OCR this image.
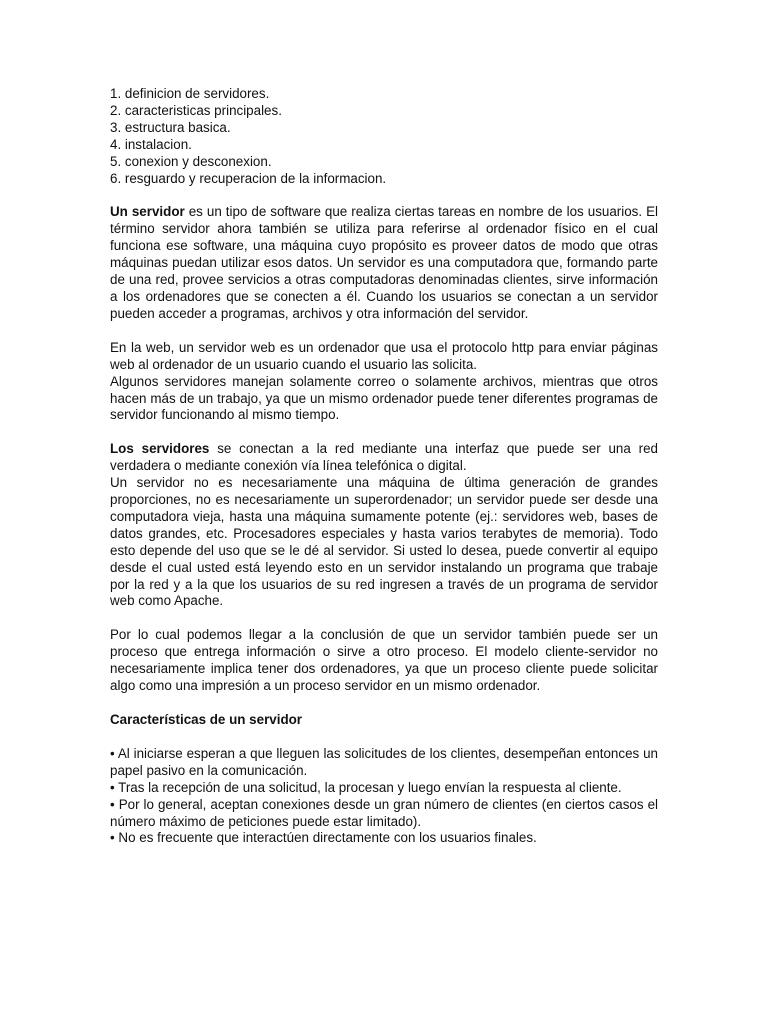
1. definicion de servidores.
2. caracteristicas principales.
3. estructura basica.
4. instalacion.
5. conexion y desconexion.
6. resguardo y recuperacion de la informacion.

Un servidor es un tipo de software que realiza ciertas tareas en nombre de los usuarios. El término servidor ahora también se utiliza para referirse al ordenador físico en el cual funciona ese software, una máquina cuyo propósito es proveer datos de modo que otras máquinas puedan utilizar esos datos. Un servidor es una computadora que, formando parte de una red, provee servicios a otras computadoras denominadas clientes, sirve información a los ordenadores que se conecten a él. Cuando los usuarios se conectan a un servidor pueden acceder a programas, archivos y otra información del servidor.

En la web, un servidor web es un ordenador que usa el protocolo http para enviar páginas web al ordenador de un usuario cuando el usuario las solicita.

Algunos servidores manejan solamente correo o solamente archivos, mientras que otros hacen más de un trabajo, ya que un mismo ordenador puede tener diferentes programas de servidor funcionando al mismo tiempo.

Los servidores se conectan a la red mediante una interfaz que puede ser una red verdadera o mediante conexión vía línea telefónica o digital.

Un servidor no es necesariamente una máquina de última generación de grandes proporciones, no es necesariamente un superordenador; un servidor puede ser desde una computadora vieja, hasta una máquina sumamente potente (ej.: servidores web, bases de datos grandes, etc. Procesadores especiales y hasta varios terabytes de memoria). Todo esto depende del uso que se le dé al servidor. Si usted lo desea, puede convertir al equipo desde el cual usted está leyendo esto en un servidor instalando un programa que trabaje por la red y a la que los usuarios de su red ingresen a través de un programa de servidor web como Apache.

Por lo cual podemos llegar a la conclusión de que un servidor también puede ser un proceso que entrega información o sirve a otro proceso. El modelo cliente-servidor no necesariamente implica tener dos ordenadores, ya que un proceso cliente puede solicitar algo como una impresión a un proceso servidor en un mismo ordenador.

Características de un servidor

• Al iniciarse esperan a que lleguen las solicitudes de los clientes, desempeñan entonces un papel pasivo en la comunicación.

• Tras la recepción de una solicitud, la procesan y luego envían la respuesta al cliente.

• Por lo general, aceptan conexiones desde un gran número de clientes (en ciertos casos el número máximo de peticiones puede estar limitado).

• No es frecuente que interactúen directamente con los usuarios finales.
